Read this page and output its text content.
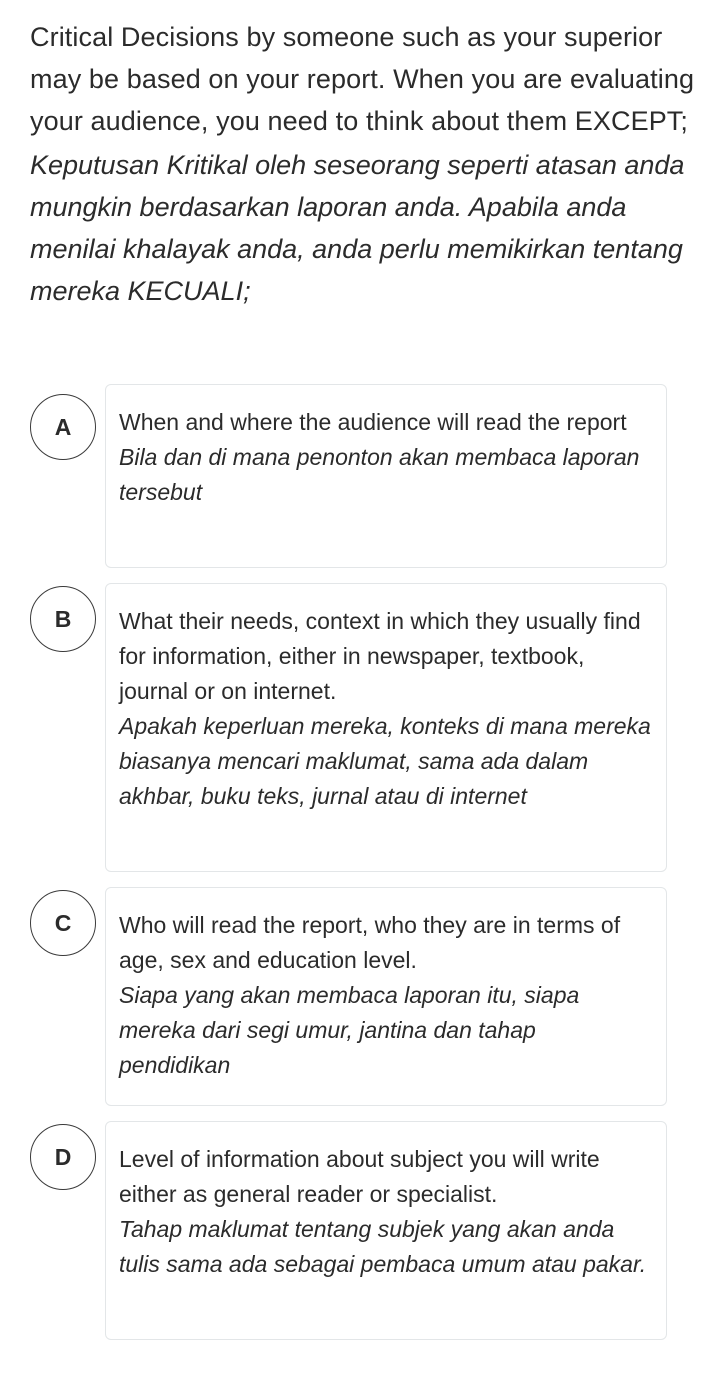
Critical Decisions by someone such as your superior may be based on your report. When you are evaluating your audience, you need to think about them EXCEPT;

Keputusan Kritikal oleh seseorang seperti atasan anda mungkin berdasarkan laporan anda. Apabila anda menilai khalayak anda, anda perlu memikirkan tentang mereka KECUALI;

A	When and where the audience will read the report

Bila dan di mana penonton akan membaca laporan tersebut

B	What their needs, context in which they usually find for information, either in newspaper, textbook, journal or on internet.

Apakah keperluan mereka, konteks di mana mereka biasanya mencari maklumat, sama ada dalam akhbar, buku teks, jurnal atau di internet

C	Who will read the report, who they are in terms of age, sex and education level.

Siapa yang akan membaca laporan itu, siapa mereka dari segi umur, jantina dan tahap pendidikan

D	Level of information about subject you will write either as general reader or specialist.

Tahap maklumat tentang subjek yang akan anda tulis sama ada sebagai pembaca umum atau pakar.
